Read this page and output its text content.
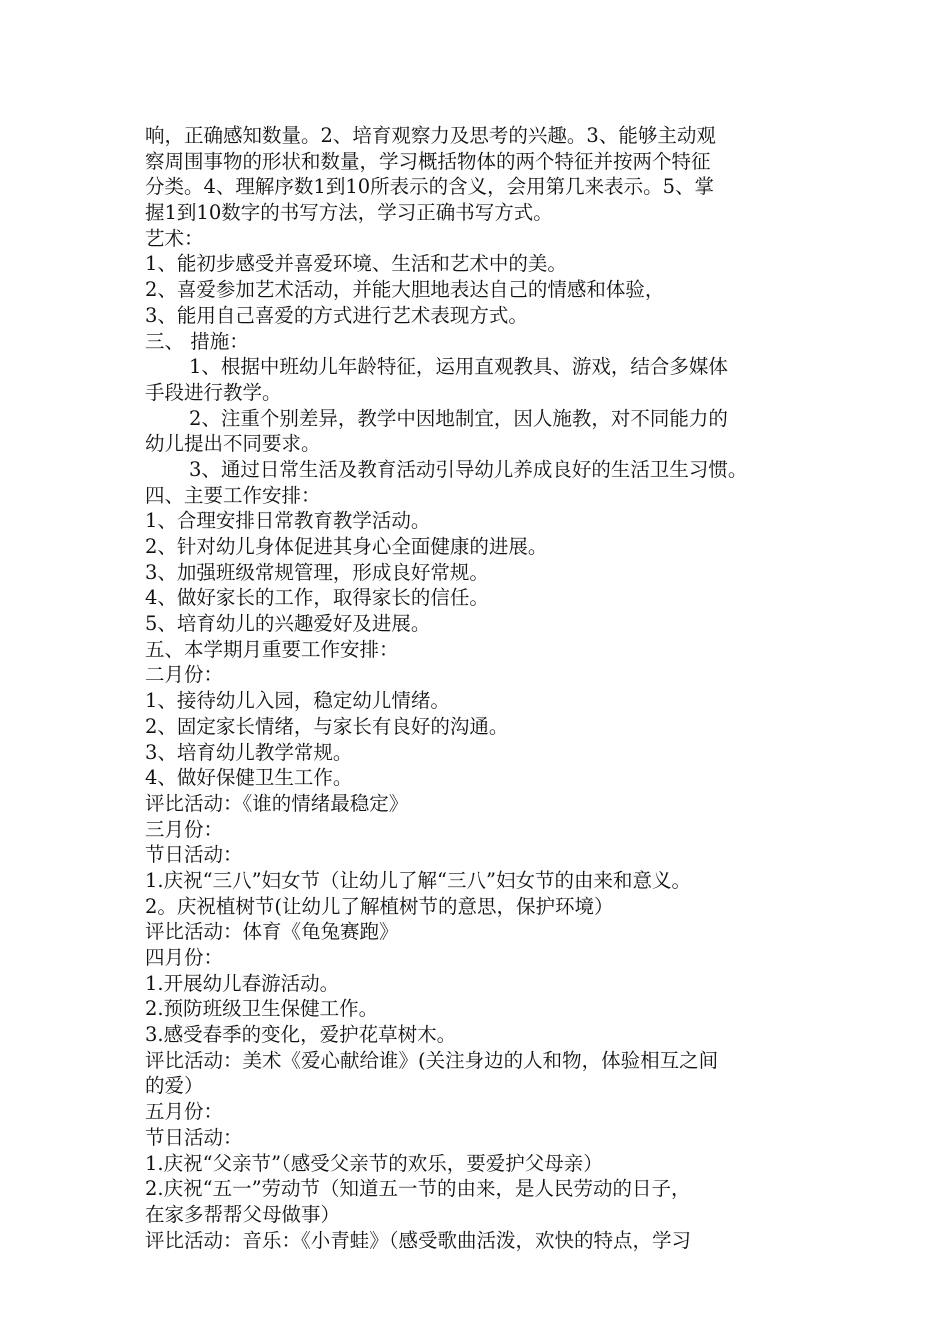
响，正确感知数量。2、培育观察力及思考的兴趣。3、能够主动观
察周围事物的形状和数量，学习概括物体的两个特征并按两个特征
分类。4、理解序数1到10所表示的含义，会用第几来表示。5、掌
握1到10数字的书写方法，学习正确书写方式。
艺术：
1、能初步感受并喜爱环境、生活和艺术中的美。
2、喜爱参加艺术活动，并能大胆地表达自己的情感和体验，
3、能用自己喜爱的方式进行艺术表现方式。
三、 措施：
1、根据中班幼儿年龄特征，运用直观教具、游戏，结合多媒体
手段进行教学。
2、注重个别差异，教学中因地制宜，因人施教，对不同能力的
幼儿提出不同要求。
3、通过日常生活及教育活动引导幼儿养成良好的生活卫生习惯。
四、主要工作安排：
1、合理安排日常教育教学活动。
2、针对幼儿身体促进其身心全面健康的进展。
3、加强班级常规管理，形成良好常规。
4、做好家长的工作，取得家长的信任。
5、培育幼儿的兴趣爱好及进展。
五、本学期月重要工作安排：
二月份：
1、接待幼儿入园，稳定幼儿情绪。
2、固定家长情绪，与家长有良好的沟通。
3、培育幼儿教学常规。
4、做好保健卫生工作。
评比活动：《谁的情绪最稳定》
三月份：
节日活动：
1.庆祝“三八”妇女节（让幼儿了解“三八”妇女节的由来和意义。
2。庆祝植树节(让幼儿了解植树节的意思，保护环境）
评比活动：体育《龟兔赛跑》
四月份：
1.开展幼儿春游活动。
2.预防班级卫生保健工作。
3.感受春季的变化，爱护花草树木。
评比活动：美术《爱心献给谁》(关注身边的人和物，体验相互之间
的爱）
五月份：
节日活动：
1.庆祝“父亲节”（感受父亲节的欢乐，要爱护父母亲）
2.庆祝“五一”劳动节（知道五一节的由来，是人民劳动的日子，
在家多帮帮父母做事）
评比活动：音乐：《小青蛙》（感受歌曲活泼，欢快的特点，学习
